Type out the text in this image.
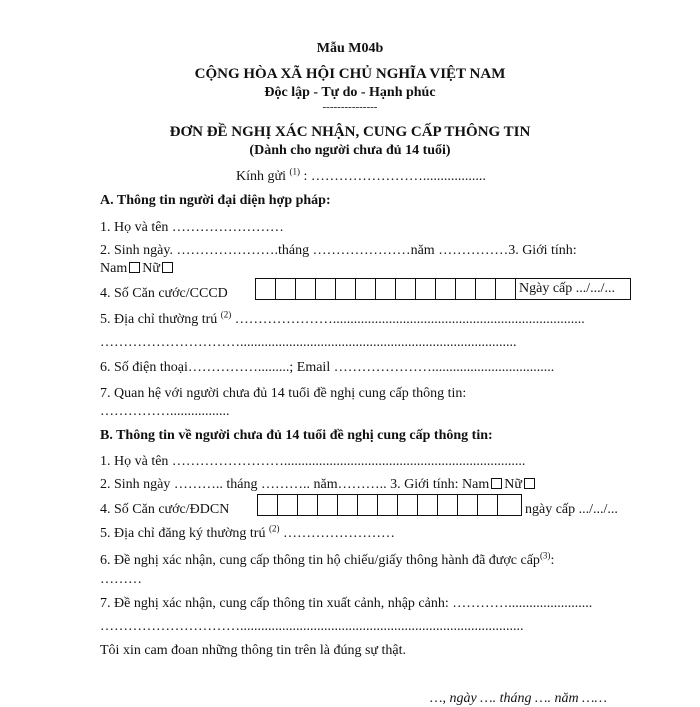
Mẫu M04b
CỘNG HÒA XÃ HỘI CHỦ NGHĨA VIỆT NAM
Độc lập - Tự do - Hạnh phúc
---------------
ĐƠN ĐỀ NGHỊ XÁC NHẬN, CUNG CẤP THÔNG TIN
(Dành cho người chưa đủ 14 tuổi)
Kính gửi $^{(1)}$ : ……………………..................
A. Thông tin người đại diện hợp pháp:
1. Họ và tên ……………………
2. Sinh ngày. ………………….tháng …………………năm ……………3. Giới tính:
Nam Nữ
4. Số Căn cước/CCCD	Ngày cấp .../.../...
5. Địa chỉ thường trú $^{(2)}$ …………………........................................................................
…………………………...............................................................................
6. Số điện thoại…………….........; Email …………………...................................
7. Quan hệ với người chưa đủ 14 tuổi đề nghị cung cấp thông tin:
…………….................
B. Thông tin về người chưa đủ 14 tuổi đề nghị cung cấp thông tin:
1. Họ và tên …………………….....................................................................
2. Sinh ngày ……….. tháng ……….. năm……….. 3. Giới tính: Nam Nữ
4. Số Căn cước/ĐDCN	ngày cấp .../.../...
5. Địa chỉ đăng ký thường trú $^{(2)}$ ……………………
6. Đề nghị xác nhận, cung cấp thông tin hộ chiếu/giấy thông hành đã được cấp$^{(3)}$:
………
7. Đề nghị xác nhận, cung cấp thông tin xuất cảnh, nhập cảnh: …………........................
………………………….................................................................................
Tôi xin cam đoan những thông tin trên là đúng sự thật.
…, ngày …. tháng …. năm ……
